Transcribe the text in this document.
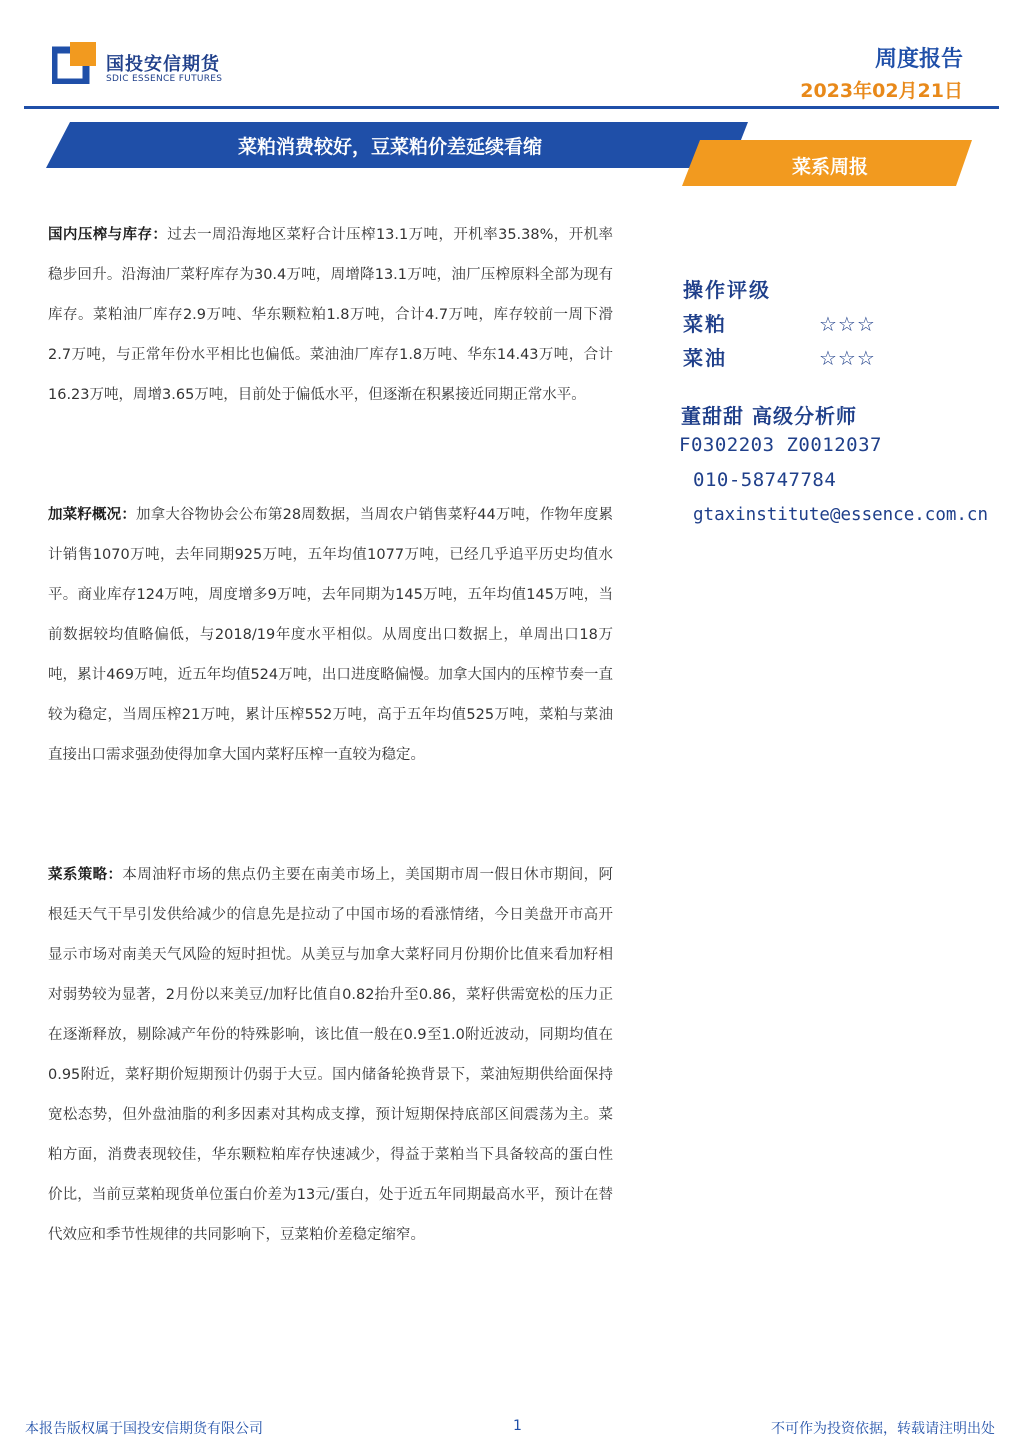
国投安信期货
SDIC ESSENCE FUTURES
周度报告
2023年02月21日
菜粕消费较好，豆菜粕价差延续看缩
菜系周报
国内压榨与库存：过去一周沿海地区菜籽合计压榨13.1万吨，开机率35.38%，开机率稳步回升。沿海油厂菜籽库存为30.4万吨，周增降13.1万吨，油厂压榨原料全部为现有库存。菜粕油厂库存2.9万吨、华东颗粒粕1.8万吨，合计4.7万吨，库存较前一周下滑2.7万吨，与正常年份水平相比也偏低。菜油油厂库存1.8万吨、华东14.43万吨，合计16.23万吨，周增3.65万吨，目前处于偏低水平，但逐渐在积累接近同期正常水平。
加菜籽概况：加拿大谷物协会公布第28周数据，当周农户销售菜籽44万吨，作物年度累计销售1070万吨，去年同期925万吨，五年均值1077万吨，已经几乎追平历史均值水平。商业库存124万吨，周度增多9万吨，去年同期为145万吨，五年均值145万吨，当前数据较均值略偏低，与2018/19年度水平相似。从周度出口数据上，单周出口18万吨，累计469万吨，近五年均值524万吨，出口进度略偏慢。加拿大国内的压榨节奏一直较为稳定，当周压榨21万吨，累计压榨552万吨，高于五年均值525万吨，菜粕与菜油直接出口需求强劲使得加拿大国内菜籽压榨一直较为稳定。
菜系策略：本周油籽市场的焦点仍主要在南美市场上，美国期市周一假日休市期间，阿根廷天气干旱引发供给减少的信息先是拉动了中国市场的看涨情绪，今日美盘开市高开显示市场对南美天气风险的短时担忧。从美豆与加拿大菜籽同月份期价比值来看加籽相对弱势较为显著，2月份以来美豆/加籽比值自0.82抬升至0.86，菜籽供需宽松的压力正在逐渐释放，剔除减产年份的特殊影响，该比值一般在0.9至1.0附近波动，同期均值在0.95附近，菜籽期价短期预计仍弱于大豆。国内储备轮换背景下，菜油短期供给面保持宽松态势，但外盘油脂的利多因素对其构成支撑，预计短期保持底部区间震荡为主。菜粕方面，消费表现较佳，华东颗粒粕库存快速减少，得益于菜粕当下具备较高的蛋白性价比，当前豆菜粕现货单位蛋白价差为13元/蛋白，处于近五年同期最高水平，预计在替代效应和季节性规律的共同影响下，豆菜粕价差稳定缩窄。
操作评级
菜粕	☆☆☆
菜油	☆☆☆
董甜甜 高级分析师
F0302203 Z0012037
010-58747784
gtaxinstitute@essence.com.cn
本报告版权属于国投安信期货有限公司	1	不可作为投资依据，转载请注明出处
